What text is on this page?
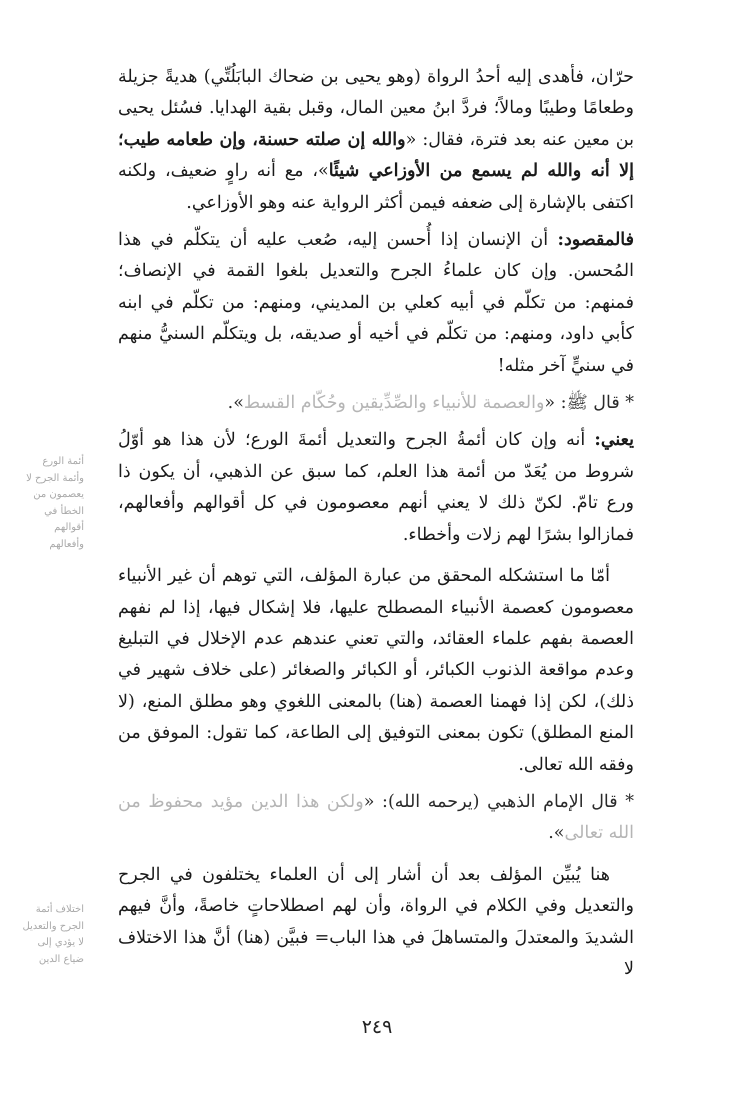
حرّان، فأهدى إليه أحدُ الرواة (وهو يحيى بن ضحاك البابَلُتِّي) هديةً جزيلة وطعامًا وطيبًا ومالاً؛ فردَّ ابنُ معين المال، وقبل بقية الهدايا. فسُئل يحيى بن معين عنه بعد فترة، فقال: «والله إن صلته حسنة، وإن طعامه طيب؛ إلا أنه والله لم يسمع من الأوزاعي شيئًا»، مع أنه راوٍ ضعيف، ولكنه اكتفى بالإشارة إلى ضعفه فيمن أكثر الرواية عنه وهو الأوزاعي.

فالمقصود: أن الإنسان إذا أُحسن إليه، صُعب عليه أن يتكلّم في هذا المُحسن. وإن كان علماءُ الجرح والتعديل بلغوا القمة في الإنصاف؛ فمنهم: من تكلّم في أبيه كعلي بن المديني، ومنهم: من تكلّم في ابنه كأبي داود، ومنهم: من تكلّم في أخيه أو صديقه، بل ويتكلّم السنيُّ منهم في سنيٍّ آخر مثله!

* قال ﷺ: «والعصمة للأنبياء والصِّدِّيقين وحُكّام القسط».

يعني: أنه وإن كان أئمةُ الجرح والتعديل أئمةَ الورع؛ لأن هذا هو أوّلُ شروط من يُعَدّ من أئمة هذا العلم، كما سبق عن الذهبي، أن يكون ذا ورع تامّ. لكنّ ذلك لا يعني أنهم معصومون في كل أقوالهم وأفعالهم، فمازالوا بشرًا لهم زلات وأخطاء.

أمّا ما استشكله المحقق من عبارة المؤلف، التي توهم أن غير الأنبياء معصومون كعصمة الأنبياء المصطلح عليها، فلا إشكال فيها، إذا لم نفهم العصمة بفهم علماء العقائد، والتي تعني عندهم عدم الإخلال في التبليغ وعدم مواقعة الذنوب الكبائر، أو الكبائر والصغائر (على خلاف شهير في ذلك)، لكن إذا فهمنا العصمة (هنا) بالمعنى اللغوي وهو مطلق المنع، (لا المنع المطلق) تكون بمعنى التوفيق إلى الطاعة، كما تقول: الموفق من وفقه الله تعالى.

* قال الإمام الذهبي (يرحمه الله): «ولكن هذا الدين مؤيد محفوظ من الله تعالى».

هنا يُبيِّن المؤلف بعد أن أشار إلى أن العلماء يختلفون في الجرح والتعديل وفي الكلام في الرواة، وأن لهم اصطلاحاتٍ خاصةً، وأنَّ فيهم الشديدَ والمعتدلَ والمتساهلَ في هذا الباب= فبيَّن (هنا) أنَّ هذا الاختلاف لا

أئمة الورع وأئمة الجرح لا يعصمون من الخطأ في أقوالهم وأفعالهم
اختلاف أئمة الجرح والتعديل لا يؤدي إلى ضياع الدين
٢٤٩
